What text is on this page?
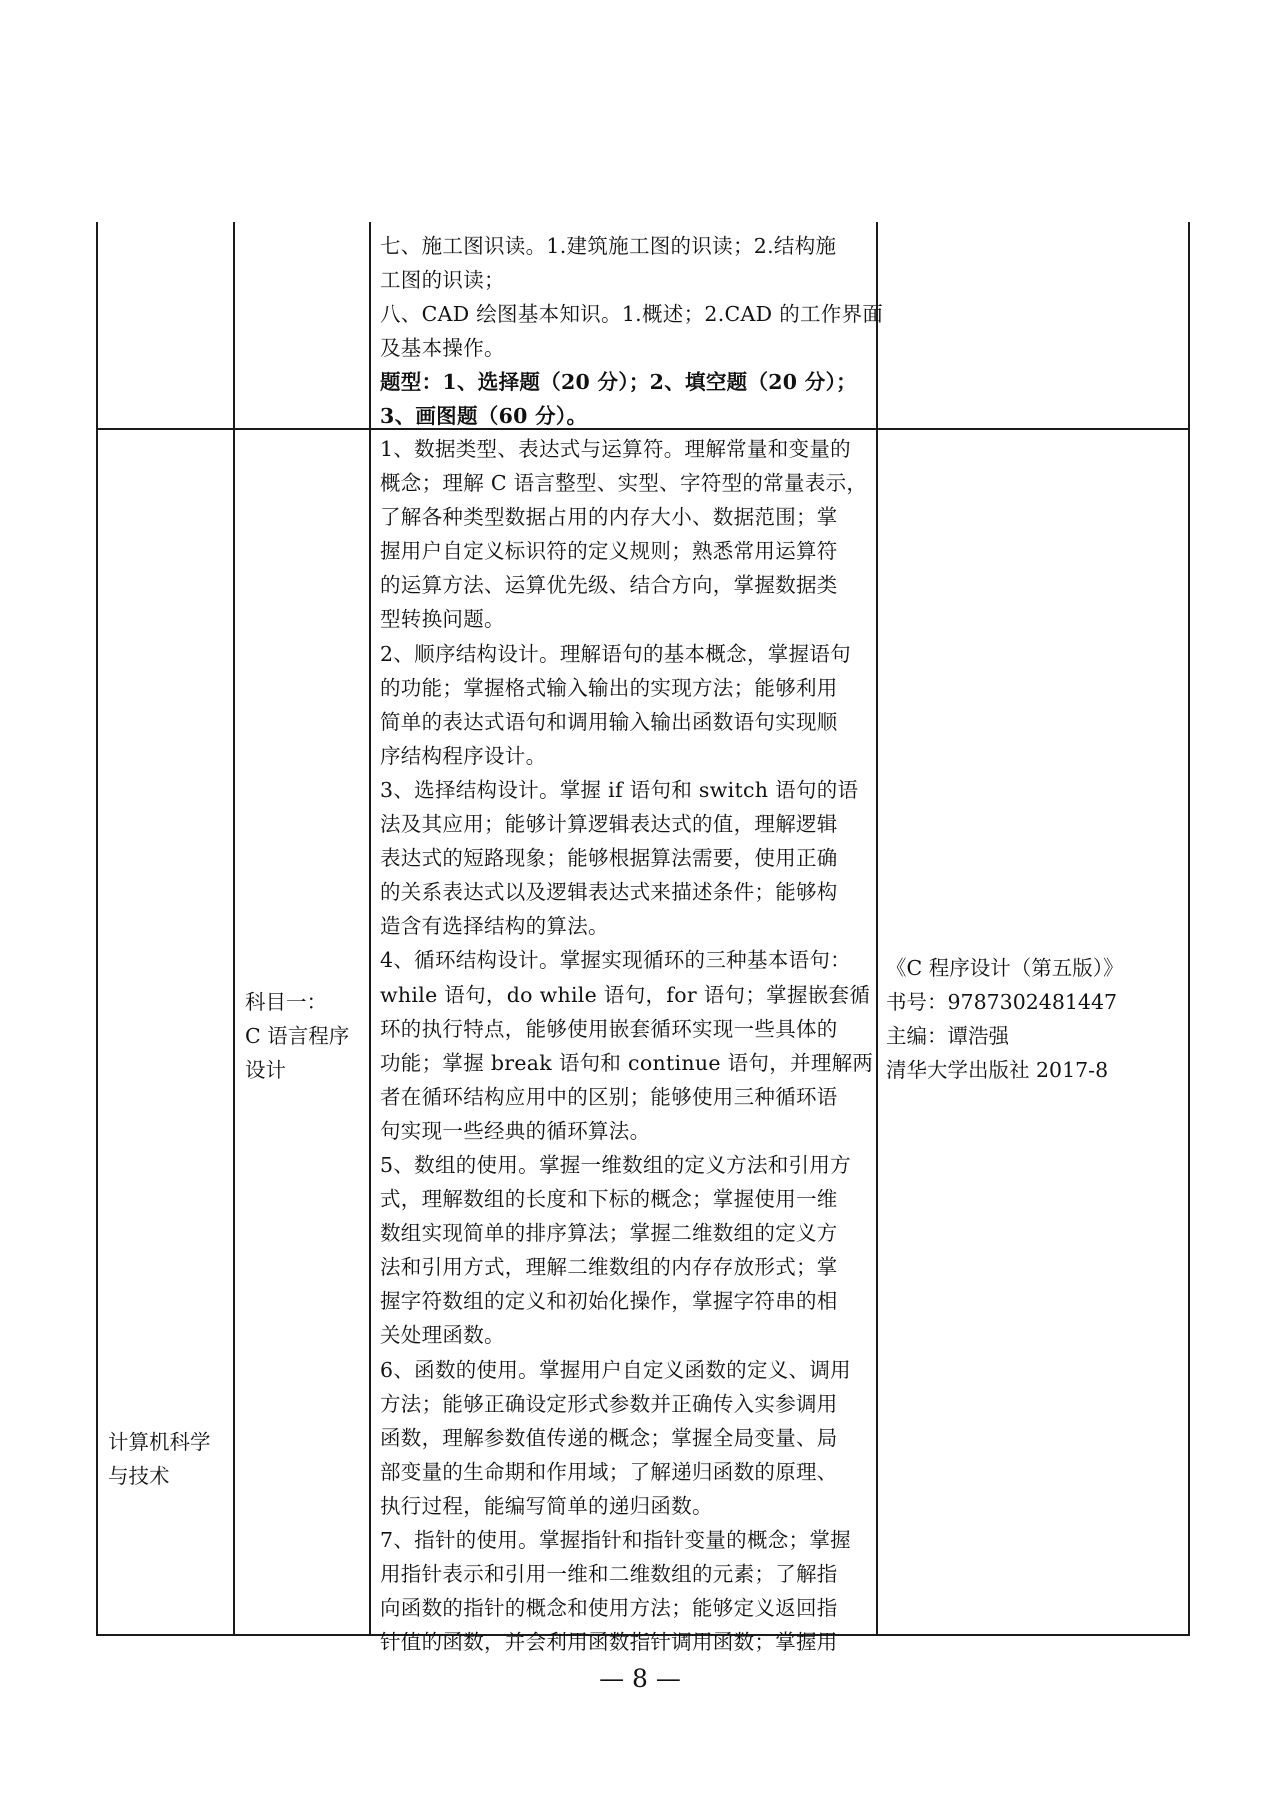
七、施工图识读。1.建筑施工图的识读；2.结构施

工图的识读；

八、CAD 绘图基本知识。1.概述；2.CAD 的工作界面

及基本操作。

题型：1、选择题（20 分）；2、填空题（20 分）；

3、画图题（60 分）。

计算机科学
与技术
科目一：
C 语言程序
设计

1、数据类型、表达式与运算符。理解常量和变量的

概念；理解 C 语言整型、实型、字符型的常量表示，

了解各种类型数据占用的内存大小、数据范围；掌

握用户自定义标识符的定义规则；熟悉常用运算符

的运算方法、运算优先级、结合方向，掌握数据类

型转换问题。

2、顺序结构设计。理解语句的基本概念，掌握语句

的功能；掌握格式输入输出的实现方法；能够利用

简单的表达式语句和调用输入输出函数语句实现顺

序结构程序设计。

3、选择结构设计。掌握 if 语句和 switch 语句的语

法及其应用；能够计算逻辑表达式的值，理解逻辑

表达式的短路现象；能够根据算法需要，使用正确

的关系表达式以及逻辑表达式来描述条件；能够构

造含有选择结构的算法。

4、循环结构设计。掌握实现循环的三种基本语句：

while 语句，do while 语句，for 语句；掌握嵌套循

环的执行特点，能够使用嵌套循环实现一些具体的

功能；掌握 break 语句和 continue 语句，并理解两

者在循环结构应用中的区别；能够使用三种循环语

句实现一些经典的循环算法。

5、数组的使用。掌握一维数组的定义方法和引用方

式，理解数组的长度和下标的概念；掌握使用一维

数组实现简单的排序算法；掌握二维数组的定义方

法和引用方式，理解二维数组的内存存放形式；掌

握字符数组的定义和初始化操作，掌握字符串的相

关处理函数。

6、函数的使用。掌握用户自定义函数的定义、调用

方法；能够正确设定形式参数并正确传入实参调用

函数，理解参数值传递的概念；掌握全局变量、局

部变量的生命期和作用域；了解递归函数的原理、

执行过程，能编写简单的递归函数。

7、指针的使用。掌握指针和指针变量的概念；掌握

用指针表示和引用一维和二维数组的元素；了解指

向函数的指针的概念和使用方法；能够定义返回指

针值的函数，并会利用函数指针调用函数；掌握用

《C 程序设计（第五版）》
书号：9787302481447
主编：谭浩强
清华大学出版社 2017-8
— 8 —
